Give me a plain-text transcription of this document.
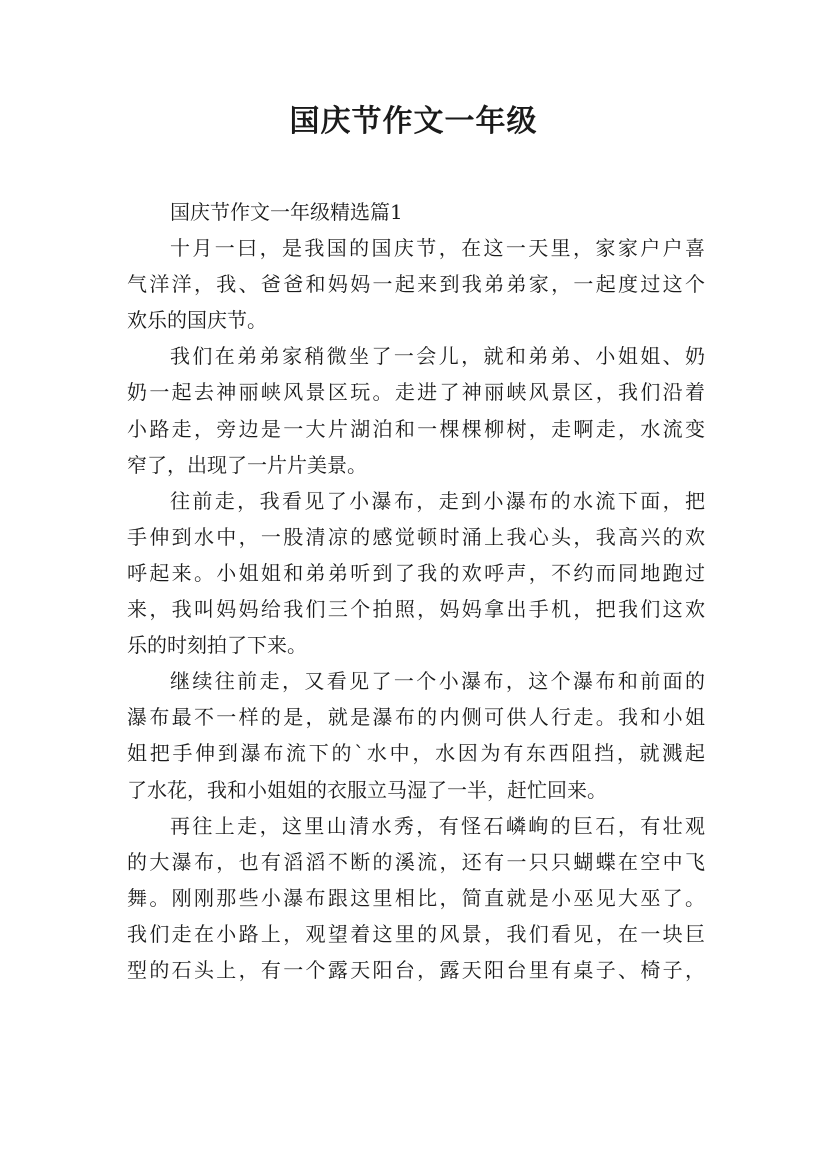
国庆节作文一年级
国庆节作文一年级精选篇1
十月一曰，是我国的国庆节，在这一天里，家家户户喜
气洋洋，我、爸爸和妈妈一起来到我弟弟家，一起度过这个
欢乐的国庆节。
我们在弟弟家稍微坐了一会儿，就和弟弟、小姐姐、奶
奶一起去神丽峡风景区玩。走进了神丽峡风景区，我们沿着
小路走，旁边是一大片湖泊和一棵棵柳树，走啊走，水流变
窄了，出现了一片片美景。
往前走，我看见了小瀑布，走到小瀑布的水流下面，把
手伸到水中，一股清凉的感觉顿时涌上我心头，我高兴的欢
呼起来。小姐姐和弟弟听到了我的欢呼声，不约而同地跑过
来，我叫妈妈给我们三个拍照，妈妈拿出手机，把我们这欢
乐的时刻拍了下来。
继续往前走，又看见了一个小瀑布，这个瀑布和前面的
瀑布最不一样的是，就是瀑布的内侧可供人行走。我和小姐
姐把手伸到瀑布流下的`水中，水因为有东西阻挡，就溅起
了水花，我和小姐姐的衣服立马湿了一半，赶忙回来。
再往上走，这里山清水秀，有怪石嶙峋的巨石，有壮观
的大瀑布，也有滔滔不断的溪流，还有一只只蝴蝶在空中飞
舞。刚刚那些小瀑布跟这里相比，简直就是小巫见大巫了。
我们走在小路上，观望着这里的风景，我们看见，在一块巨
型的石头上，有一个露天阳台，露天阳台里有桌子、椅子，
